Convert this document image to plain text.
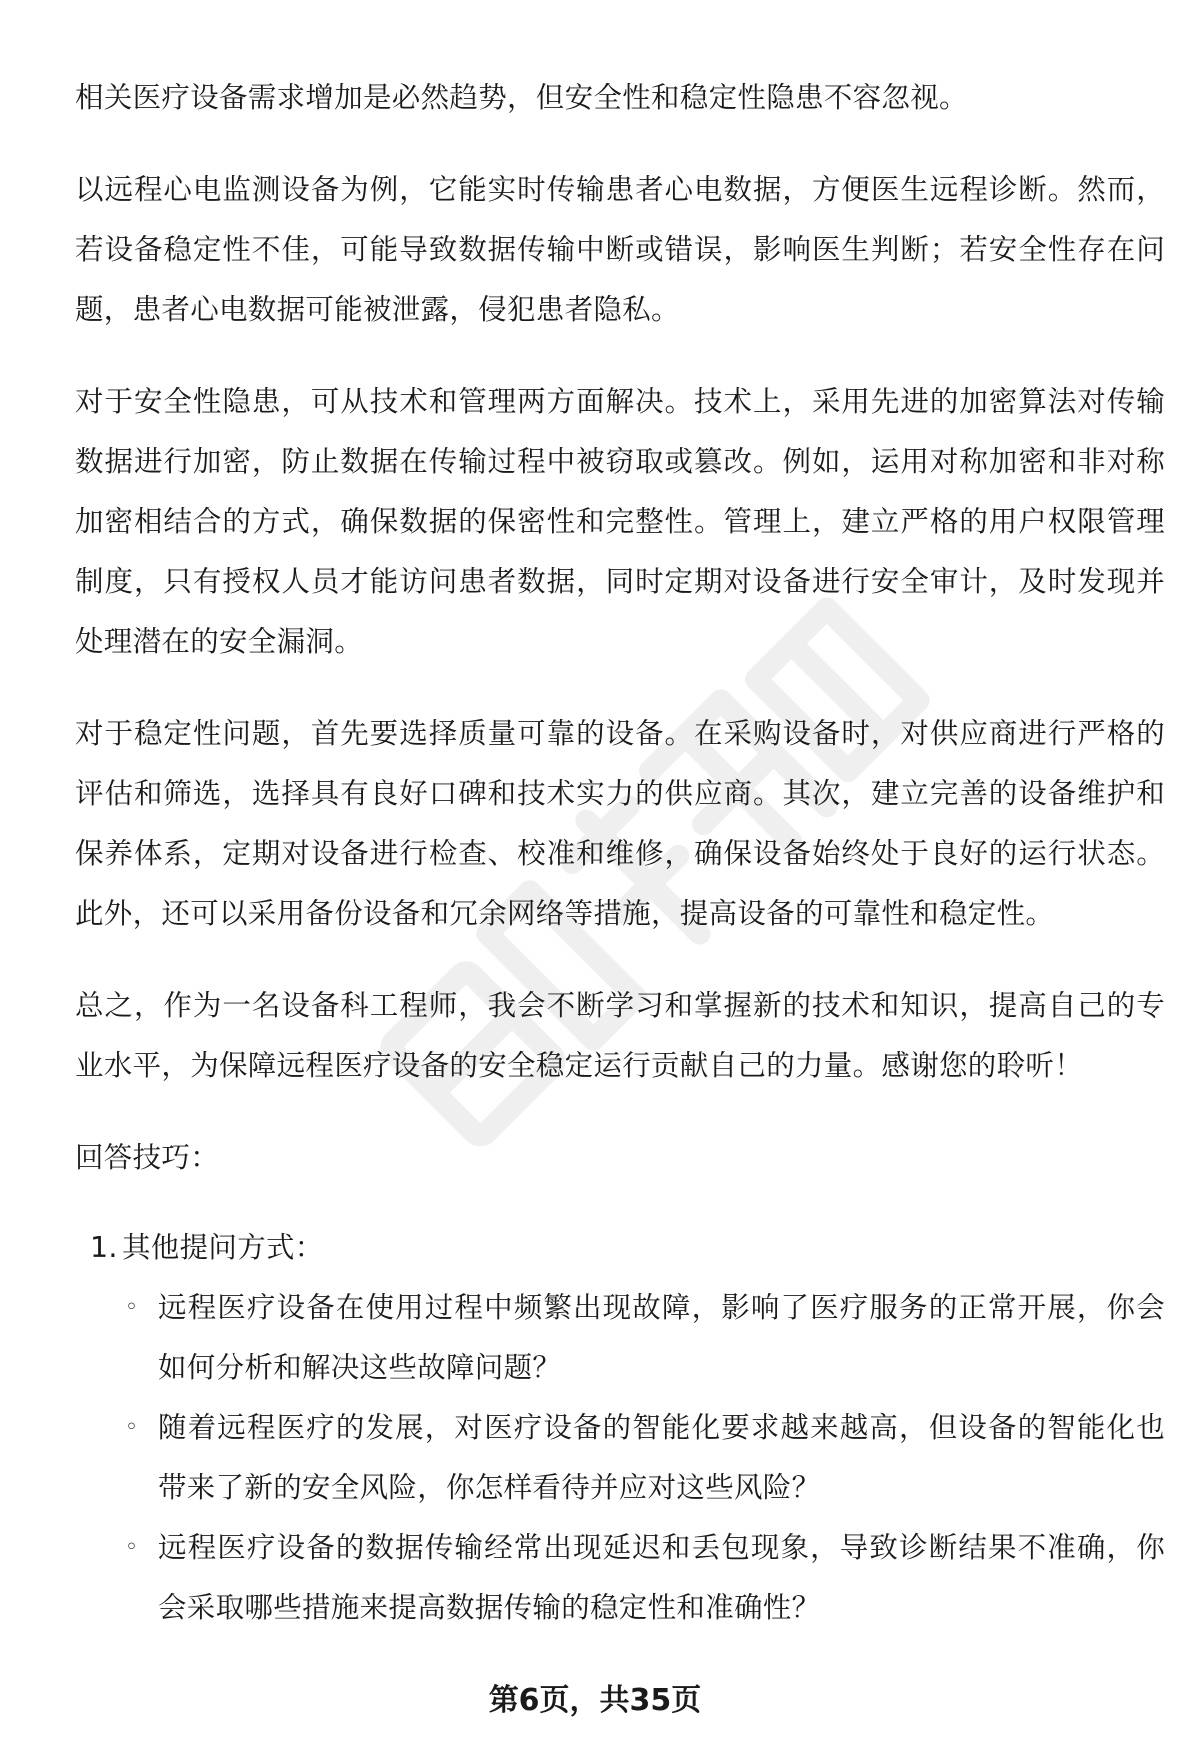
相关医疗设备需求增加是必然趋势，但安全性和稳定性隐患不容忽视。

以远程心电监测设备为例，它能实时传输患者心电数据，方便医生远程诊断。然而，若设备稳定性不佳，可能导致数据传输中断或错误，影响医生判断；若安全性存在问题，患者心电数据可能被泄露，侵犯患者隐私。

对于安全性隐患，可从技术和管理两方面解决。技术上，采用先进的加密算法对传输数据进行加密，防止数据在传输过程中被窃取或篡改。例如，运用对称加密和非对称加密相结合的方式，确保数据的保密性和完整性。管理上，建立严格的用户权限管理制度，只有授权人员才能访问患者数据，同时定期对设备进行安全审计，及时发现并处理潜在的安全漏洞。

对于稳定性问题，首先要选择质量可靠的设备。在采购设备时，对供应商进行严格的评估和筛选，选择具有良好口碑和技术实力的供应商。其次，建立完善的设备维护和保养体系，定期对设备进行检查、校准和维修，确保设备始终处于良好的运行状态。此外，还可以采用备份设备和冗余网络等措施，提高设备的可靠性和稳定性。

总之，作为一名设备科工程师，我会不断学习和掌握新的技术和知识，提高自己的专业水平，为保障远程医疗设备的安全稳定运行贡献自己的力量。感谢您的聆听！

回答技巧：

1. 其他提问方式：
◦ 远程医疗设备在使用过程中频繁出现故障，影响了医疗服务的正常开展，你会如何分析和解决这些故障问题？
◦ 随着远程医疗的发展，对医疗设备的智能化要求越来越高，但设备的智能化也带来了新的安全风险，你怎样看待并应对这些风险？
◦ 远程医疗设备的数据传输经常出现延迟和丢包现象，导致诊断结果不准确，你会采取哪些措施来提高数据传输的稳定性和准确性？
第6页，共35页
